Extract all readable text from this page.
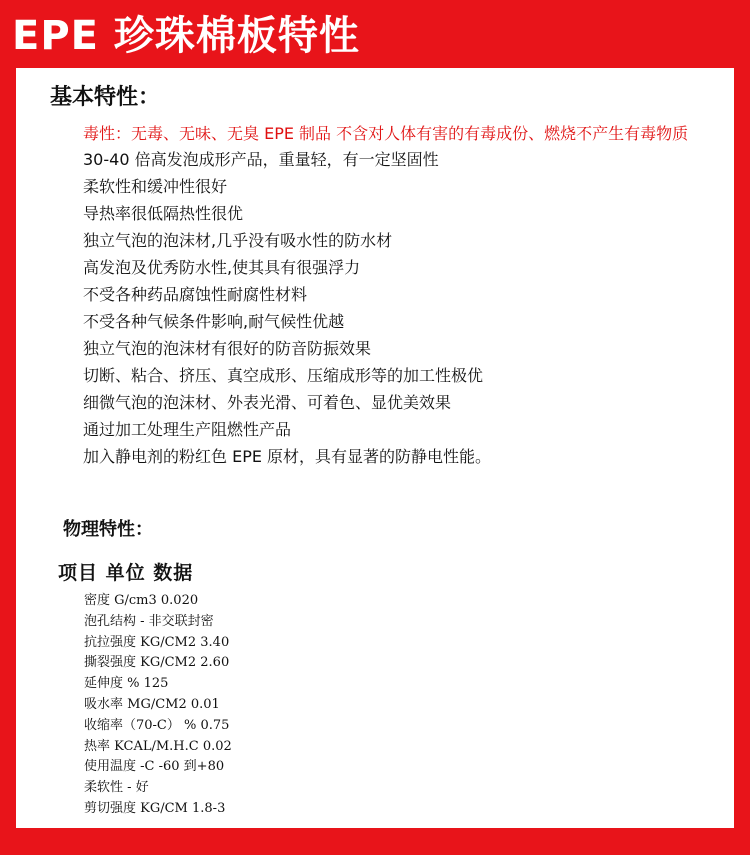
EPE 珍珠棉板特性
基本特性：

毒性：无毒、无味、无臭 EPE 制品 不含对人体有害的有毒成份、燃烧不产生有毒物质

30-40 倍高发泡成形产品，重量轻，有一定坚固性

柔软性和缓冲性很好

导热率很低隔热性很优

独立气泡的泡沫材,几乎没有吸水性的防水材

高发泡及优秀防水性,使其具有很强浮力

不受各种药品腐蚀性耐腐性材料

不受各种气候条件影响,耐气候性优越

独立气泡的泡沫材有很好的防音防振效果

切断、粘合、挤压、真空成形、压缩成形等的加工性极优

细微气泡的泡沫材、外表光滑、可着色、显优美效果

通过加工处理生产阻燃性产品

加入静电剂的粉红色 EPE 原材，具有显著的防静电性能。

物理特性：
项目 单位 数据
密度 G/cm3 0.020
泡孔结构 - 非交联封密
抗拉强度 KG/CM2 3.40
撕裂强度 KG/CM2 2.60
延伸度 % 125
吸水率 MG/CM2 0.01
收缩率（70-C） % 0.75
热率 KCAL/M.H.C 0.02
使用温度 -C -60 到+80
柔软性 - 好
剪切强度 KG/CM 1.8-3
